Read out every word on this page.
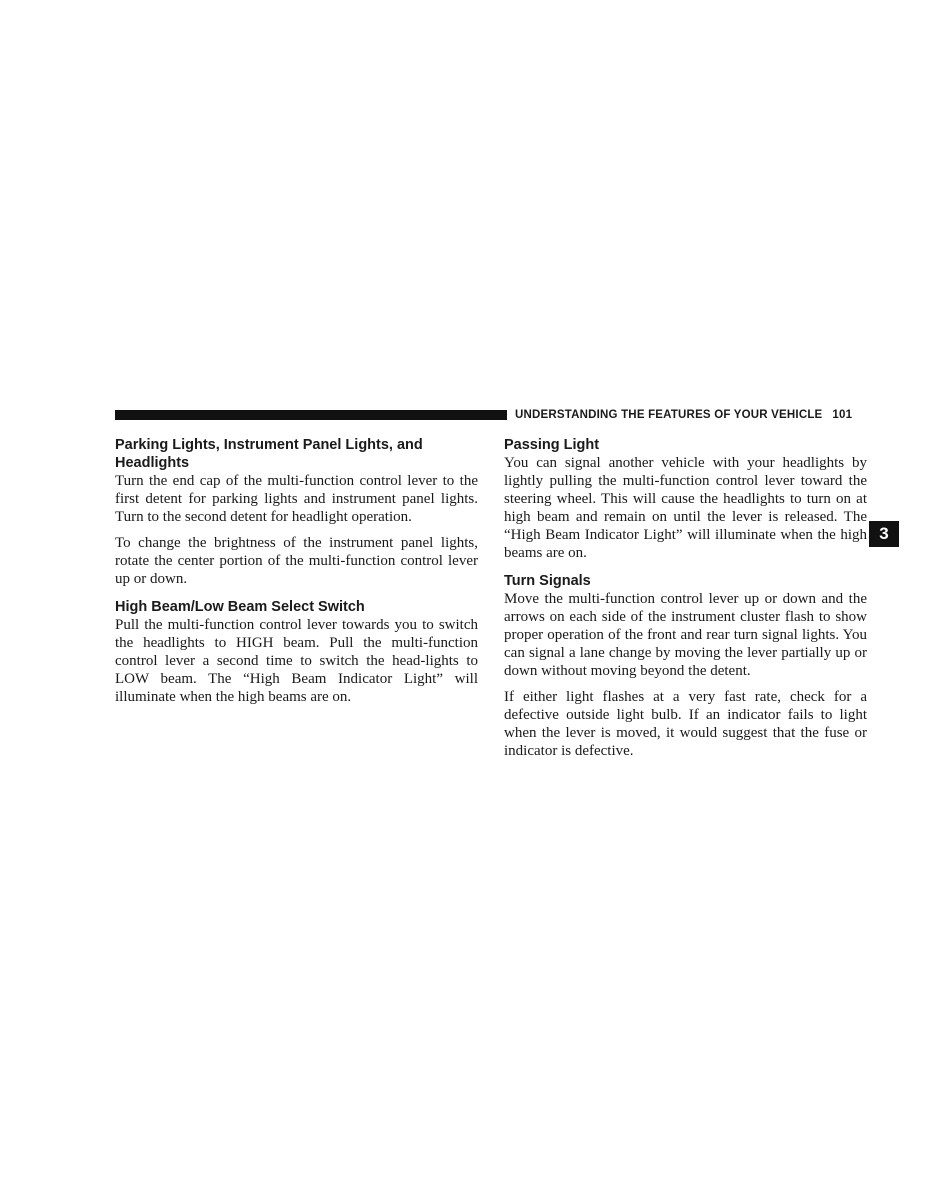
UNDERSTANDING THE FEATURES OF YOUR VEHICLE 101
Parking Lights, Instrument Panel Lights, and Headlights

Turn the end cap of the multi-function control lever to the first detent for parking lights and instrument panel lights. Turn to the second detent for headlight operation.

To change the brightness of the instrument panel lights, rotate the center portion of the multi-function control lever up or down.

High Beam/Low Beam Select Switch

Pull the multi-function control lever towards you to switch the headlights to HIGH beam. Pull the multi-function control lever a second time to switch the head-lights to LOW beam. The “High Beam Indicator Light” will illuminate when the high beams are on.

Passing Light

You can signal another vehicle with your headlights by lightly pulling the multi-function control lever toward the steering wheel. This will cause the headlights to turn on at high beam and remain on until the lever is released. The “High Beam Indicator Light” will illuminate when the high beams are on.

Turn Signals

Move the multi-function control lever up or down and the arrows on each side of the instrument cluster flash to show proper operation of the front and rear turn signal lights. You can signal a lane change by moving the lever partially up or down without moving beyond the detent.

If either light flashes at a very fast rate, check for a defective outside light bulb. If an indicator fails to light when the lever is moved, it would suggest that the fuse or indicator is defective.

3
